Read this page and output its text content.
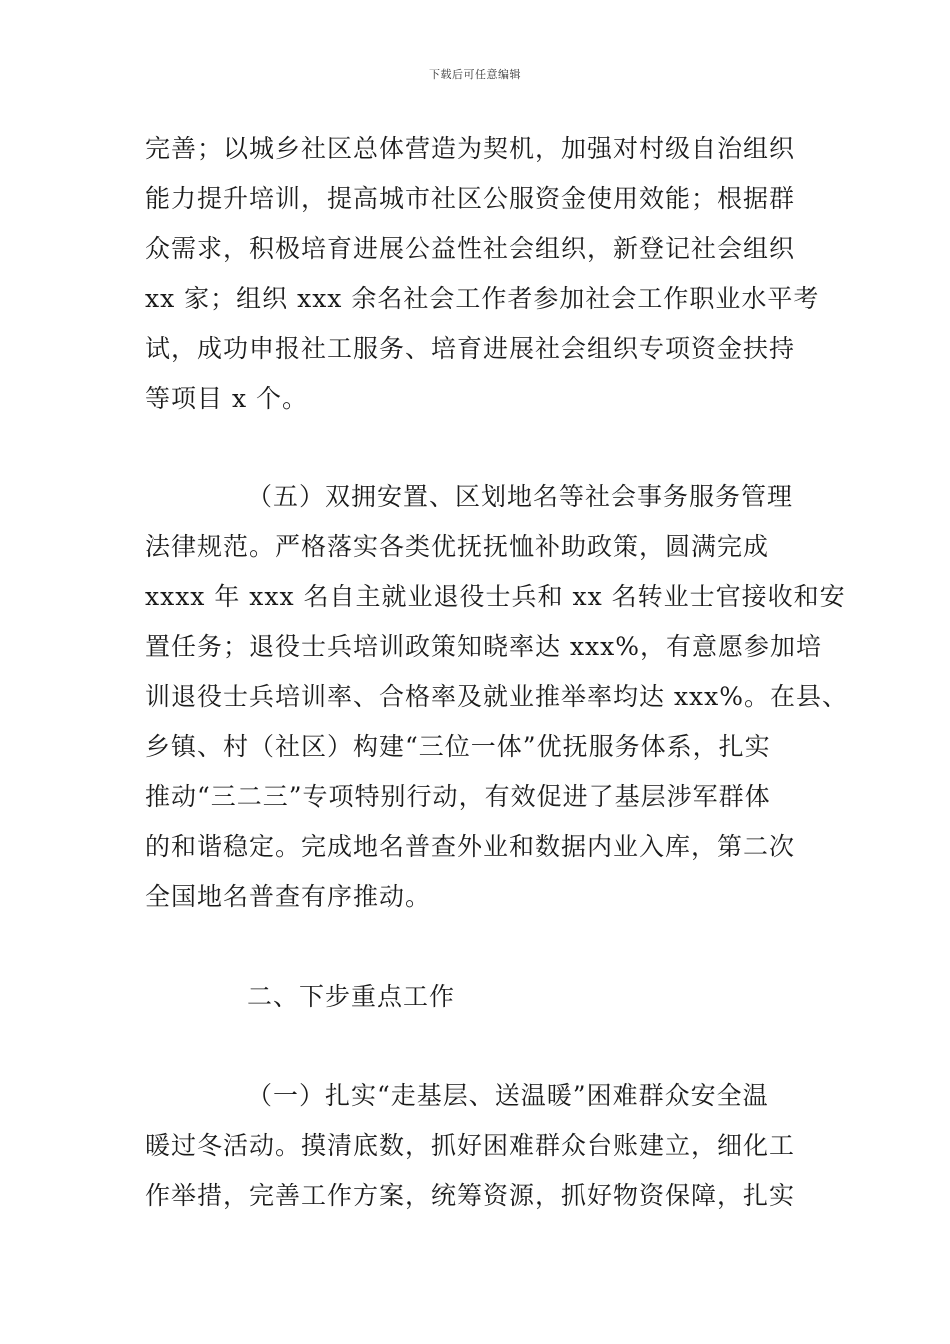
下载后可任意编辑
完善；以城乡社区总体营造为契机，加强对村级自治组织
能力提升培训，提高城市社区公服资金使用效能；根据群
众需求，积极培育进展公益性社会组织，新登记社会组织
xx 家；组织 xxx 余名社会工作者参加社会工作职业水平考
试，成功申报社工服务、培育进展社会组织专项资金扶持
等项目 x 个。
（五）双拥安置、区划地名等社会事务服务管理
法律规范。严格落实各类优抚抚恤补助政策，圆满完成
xxxx 年 xxx 名自主就业退役士兵和 xx 名转业士官接收和安
置任务；退役士兵培训政策知晓率达 xxx%，有意愿参加培
训退役士兵培训率、合格率及就业推举率均达 xxx%。在县、
乡镇、村（社区）构建“三位一体”优抚服务体系，扎实
推动“三二三”专项特别行动，有效促进了基层涉军群体
的和谐稳定。完成地名普查外业和数据内业入库，第二次
全国地名普查有序推动。
二、下步重点工作
（一）扎实“走基层、送温暖”困难群众安全温
暖过冬活动。摸清底数，抓好困难群众台账建立，细化工
作举措，完善工作方案，统筹资源，抓好物资保障，扎实
